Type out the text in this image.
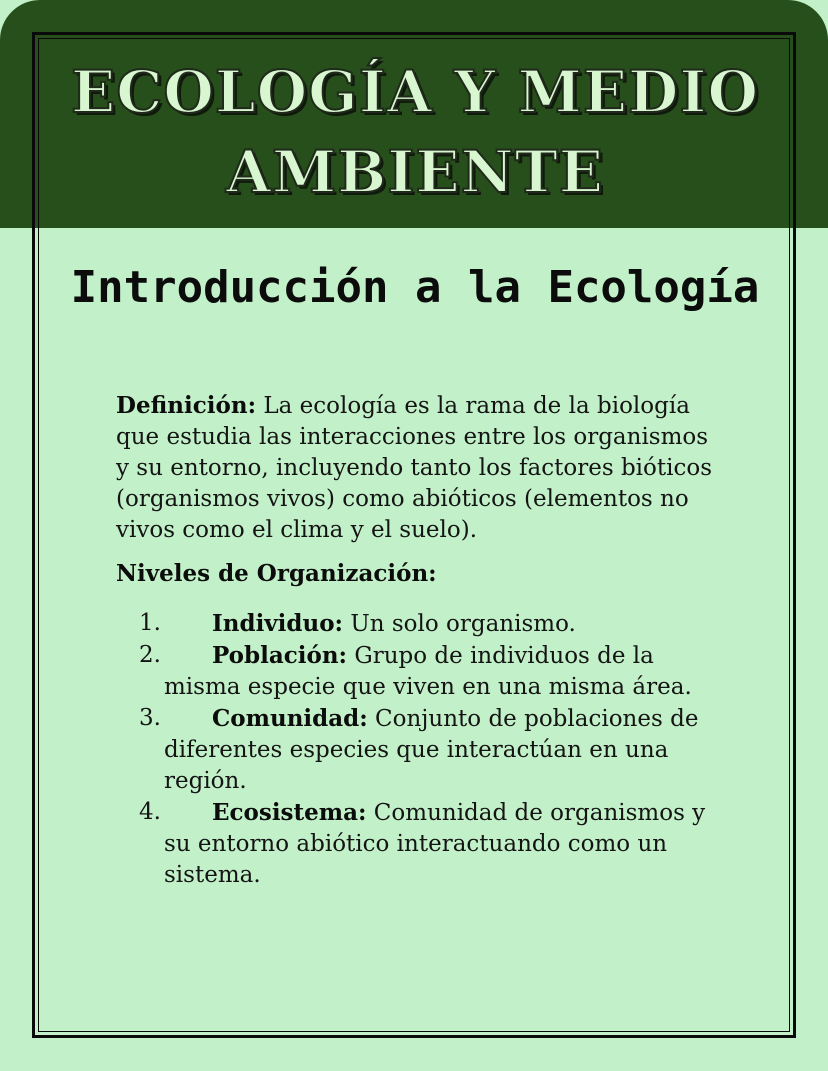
ECOLOGÍA Y MEDIO AMBIENTE
Introducción a la Ecología

Definición: La ecología es la rama de la biología que estudia las interacciones entre los organismos y su entorno, incluyendo tanto los factores bióticos (organismos vivos) como abióticos (elementos no vivos como el clima y el suelo).

Niveles de Organización:

1. Individuo: Un solo organismo.
2. Población: Grupo de individuos de la misma especie que viven en una misma área.
3. Comunidad: Conjunto de poblaciones de diferentes especies que interactúan en una región.
4. Ecosistema: Comunidad de organismos y su entorno abiótico interactuando como un sistema.
